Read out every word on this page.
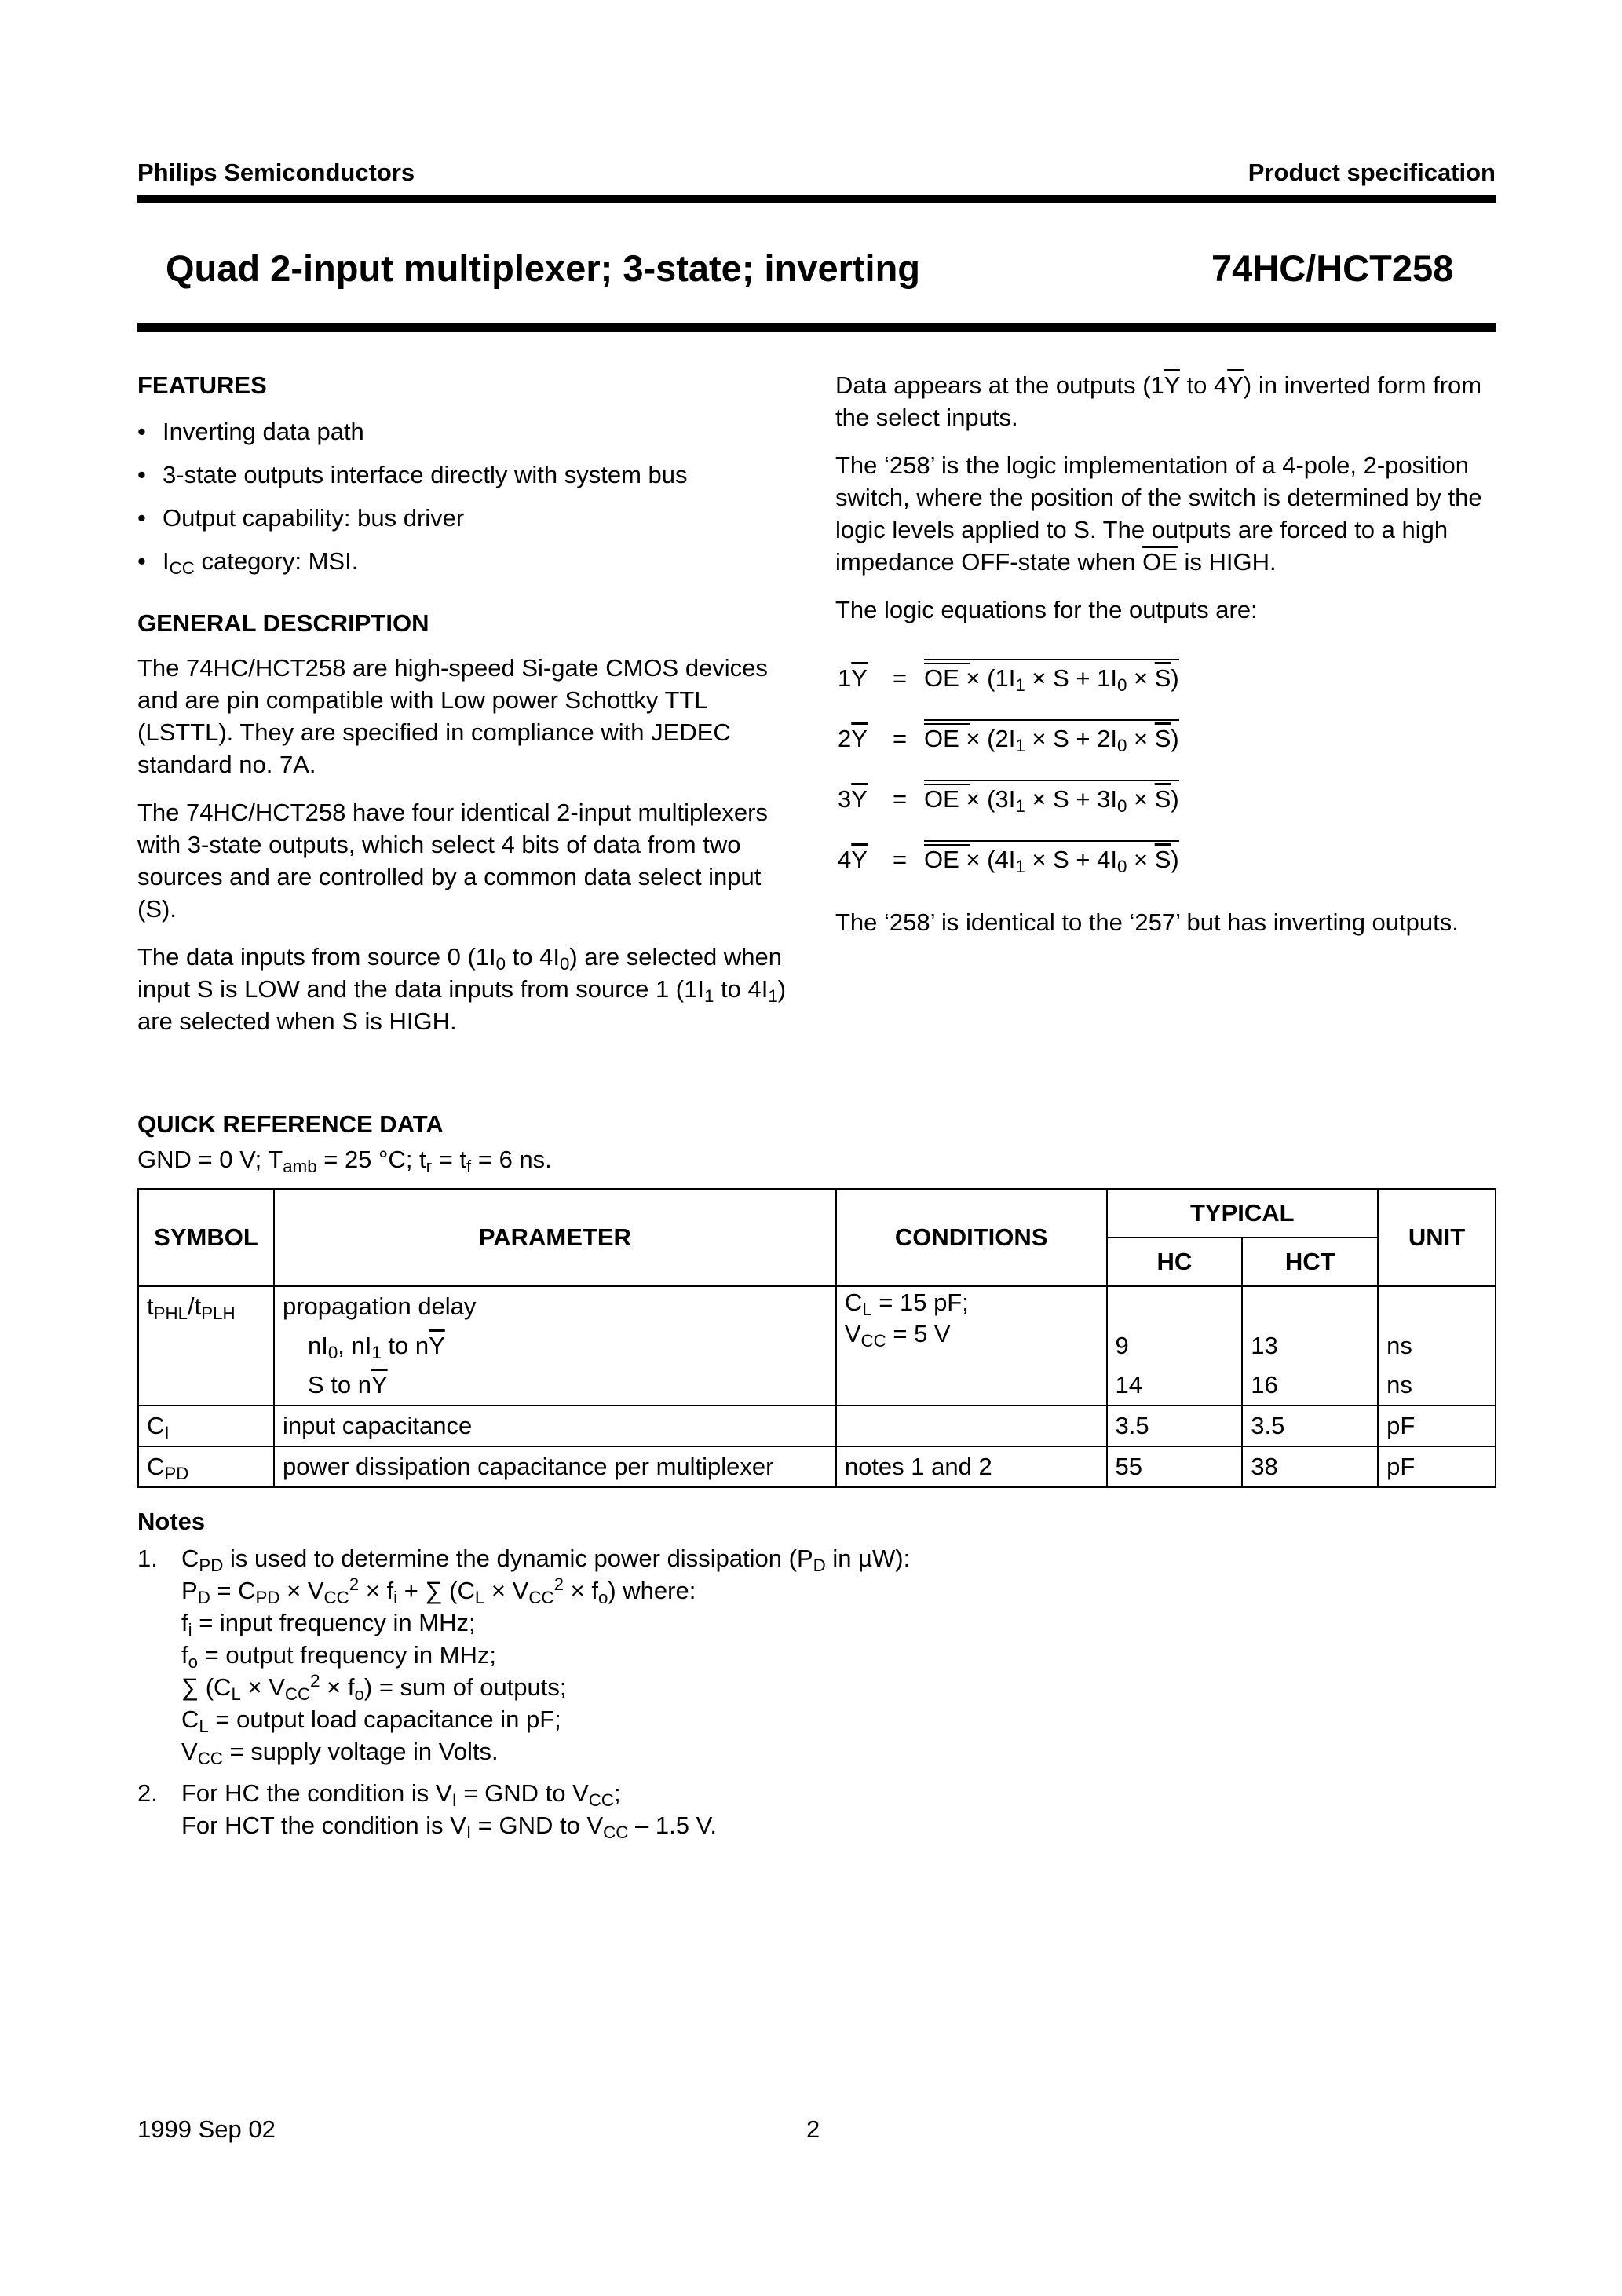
Philips Semiconductors	Product specification
Quad 2-input multiplexer; 3-state; inverting	74HC/HCT258
FEATURES
• Inverting data path
• 3-state outputs interface directly with system bus
• Output capability: bus driver
• $I_{CC}$ category: MSI.
GENERAL DESCRIPTION

The 74HC/HCT258 are high-speed Si-gate CMOS devices and are pin compatible with Low power Schottky TTL (LSTTL). They are specified in compliance with JEDEC standard no. 7A.

The 74HC/HCT258 have four identical 2-input multiplexers with 3-state outputs, which select 4 bits of data from two sources and are controlled by a common data select input (S).

The data inputs from source 0 ($1I_0$ to $4I_0$) are selected when input S is LOW and the data inputs from source 1 ($1I_1$ to $4I_1$) are selected when S is HIGH.

Data appears at the outputs ($1\overline{Y}$ to $4\overline{Y}$) in inverted form from the select inputs.

The ‘258’ is the logic implementation of a 4-pole, 2-position switch, where the position of the switch is determined by the logic levels applied to S. The outputs are forced to a high impedance OFF-state when $\overline{OE}$ is HIGH.

The logic equations for the outputs are:

$1\overline{Y}$ = OE × $(1I_1 \times S + 1I_0 \times \overline{S})$
$2\overline{Y}$ = OE × $(2I_1 \times S + 2I_0 \times \overline{S})$
$3\overline{Y}$ = OE × $(3I_1 \times S + 3I_0 \times \overline{S})$
$4\overline{Y}$ = OE × $(4I_1 \times S + 4I_0 \times \overline{S})$
The ‘258’ is identical to the ‘257’ but has inverting outputs.
QUICK REFERENCE DATA
GND = 0 V; $T_{amb} = 25$ °C; $t_r = t_f = 6$ ns.
SYMBOL	PARAMETER	CONDITIONS	TYPICAL		UNIT
			HC	HCT	
$t_{PHL}/t_{PLH}$	propagation delay	$C_L = 15$ pF;
$V_{CC} = 5$ V			

	$nI_0$, $nI_1$ to $n\overline{Y}$		9	13	ns
	S to $n\overline{Y}$		14	16	ns
$C_I$	input capacitance		3.5	3.5	pF
$C_{PD}$	power dissipation capacitance per multiplexer	notes 1 and 2	55	38	pF
Notes
1. $C_{PD}$ is used to determine the dynamic power dissipation ($P_D$ in µW):
$P_D = C_{PD} \times V_{CC}^2 \times f_i$ + ∑ $(C_L \times V_{CC}^2 \times f_o)$ where:
$f_i$ = input frequency in MHz;
$f_o$ = output frequency in MHz;
∑ $(C_L \times V_{CC}^2 \times f_o)$ = sum of outputs;
$C_L$ = output load capacitance in pF;
$V_{CC}$ = supply voltage in Volts.
2. For HC the condition is $V_I$ = GND to $V_{CC}$;
For HCT the condition is $V_I$ = GND to $V_{CC} - 1.5$ V.
1999 Sep 02	2
